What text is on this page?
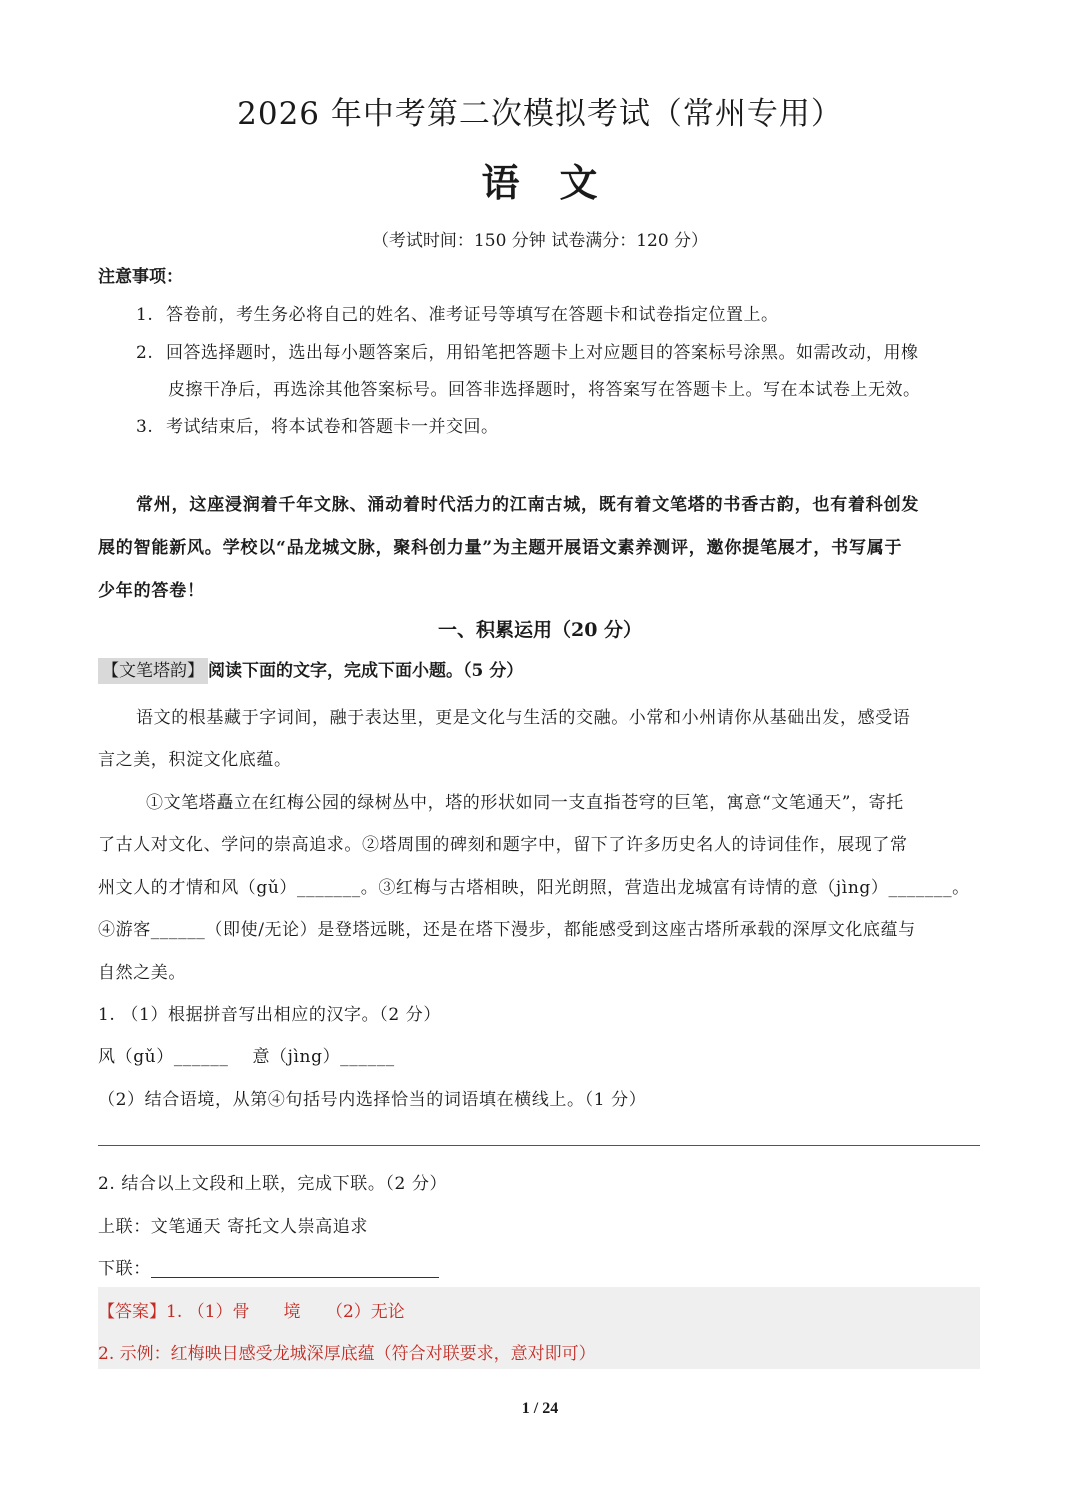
2026 年中考第二次模拟考试（常州专用）
语　文
（考试时间：150 分钟 试卷满分：120 分）
注意事项：
1. 答卷前，考生务必将自己的姓名、准考证号等填写在答题卡和试卷指定位置上。
2. 回答选择题时，选出每小题答案后，用铅笔把答题卡上对应题目的答案标号涂黑。如需改动，用橡
皮擦干净后，再选涂其他答案标号。回答非选择题时，将答案写在答题卡上。写在本试卷上无效。
3. 考试结束后，将本试卷和答题卡一并交回。
常州，这座浸润着千年文脉、涌动着时代活力的江南古城，既有着文笔塔的书香古韵，也有着科创发
展的智能新风。学校以“品龙城文脉，聚科创力量”为主题开展语文素养测评，邀你提笔展才，书写属于
少年的答卷！
一、积累运用（20 分）
【文笔塔韵】 阅读下面的文字，完成下面小题。（5 分）
语文的根基藏于字词间，融于表达里，更是文化与生活的交融。小常和小州请你从基础出发，感受语
言之美，积淀文化底蕴。
①文笔塔矗立在红梅公园的绿树丛中，塔的形状如同一支直指苍穹的巨笔，寓意“文笔通天”，寄托
了古人对文化、学问的崇高追求。②塔周围的碑刻和题字中，留下了许多历史名人的诗词佳作，展现了常
州文人的才情和风（gǔ）_______。③红梅与古塔相映，阳光朗照，营造出龙城富有诗情的意（jìng）_______。
④游客______（即使/无论）是登塔远眺，还是在塔下漫步，都能感受到这座古塔所承载的深厚文化底蕴与
自然之美。
1. （1）根据拼音写出相应的汉字。（2 分）
风（gǔ）______    意（jìng）______
（2）结合语境，从第④句括号内选择恰当的词语填在横线上。（1 分）
2. 结合以上文段和上联，完成下联。（2 分）
上联：文笔通天 寄托文人崇高追求
下联：
【答案】1. （1）骨　　境　　（2）无论
2. 示例：红梅映日感受龙城深厚底蕴（符合对联要求，意对即可）
1 / 24
